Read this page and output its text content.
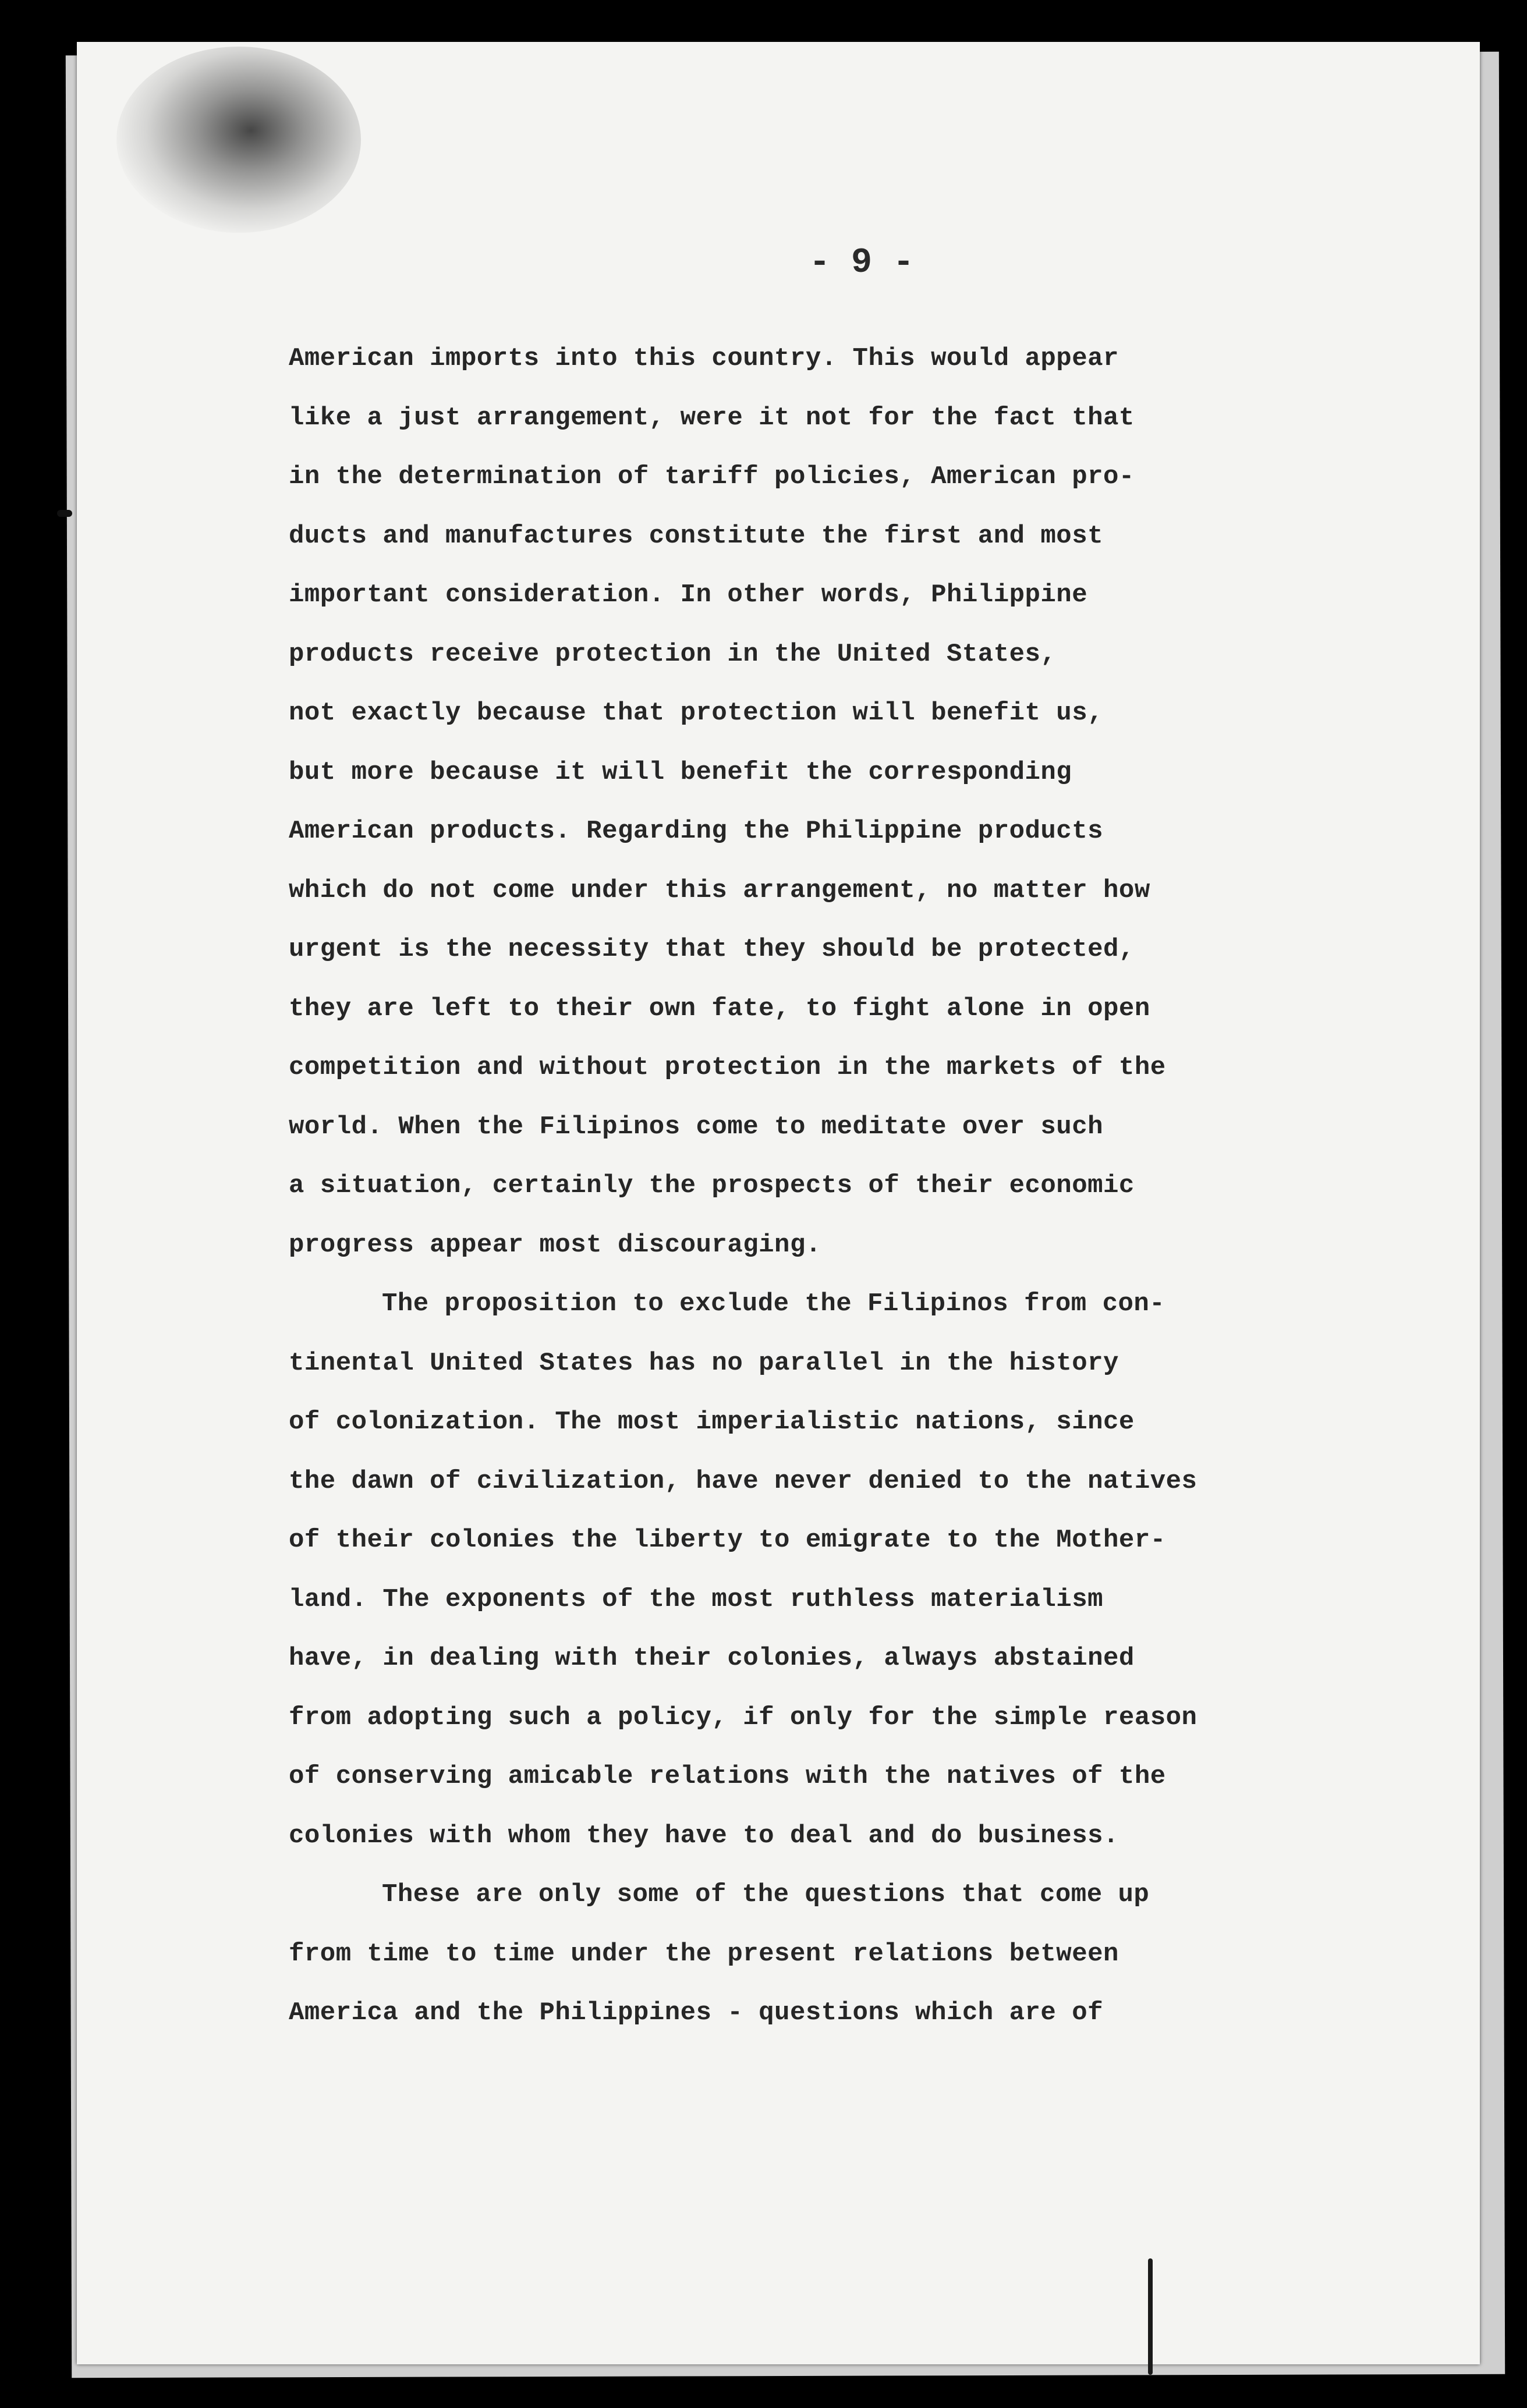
- 9 -
American imports into this country. This would appear
like a just arrangement, were it not for the fact that
in the determination of tariff policies, American pro-
ducts and manufactures constitute the first and most
important consideration. In other words, Philippine
products receive protection in the United States,
not exactly because that protection will benefit us,
but more because it will benefit the corresponding
American products. Regarding the Philippine products
which do not come under this arrangement, no matter how
urgent is the necessity that they should be protected,
they are left to their own fate, to fight alone in open
competition and without protection in the markets of the
world. When the Filipinos come to meditate over such
a situation, certainly the prospects of their economic
progress appear most discouraging.
The proposition to exclude the Filipinos from con-
tinental United States has no parallel in the history
of colonization. The most imperialistic nations, since
the dawn of civilization, have never denied to the natives
of their colonies the liberty to emigrate to the Mother-
land. The exponents of the most ruthless materialism
have, in dealing with their colonies, always abstained
from adopting such a policy, if only for the simple reason
of conserving amicable relations with the natives of the
colonies with whom they have to deal and do business.
These are only some of the questions that come up
from time to time under the present relations between
America and the Philippines - questions which are of
